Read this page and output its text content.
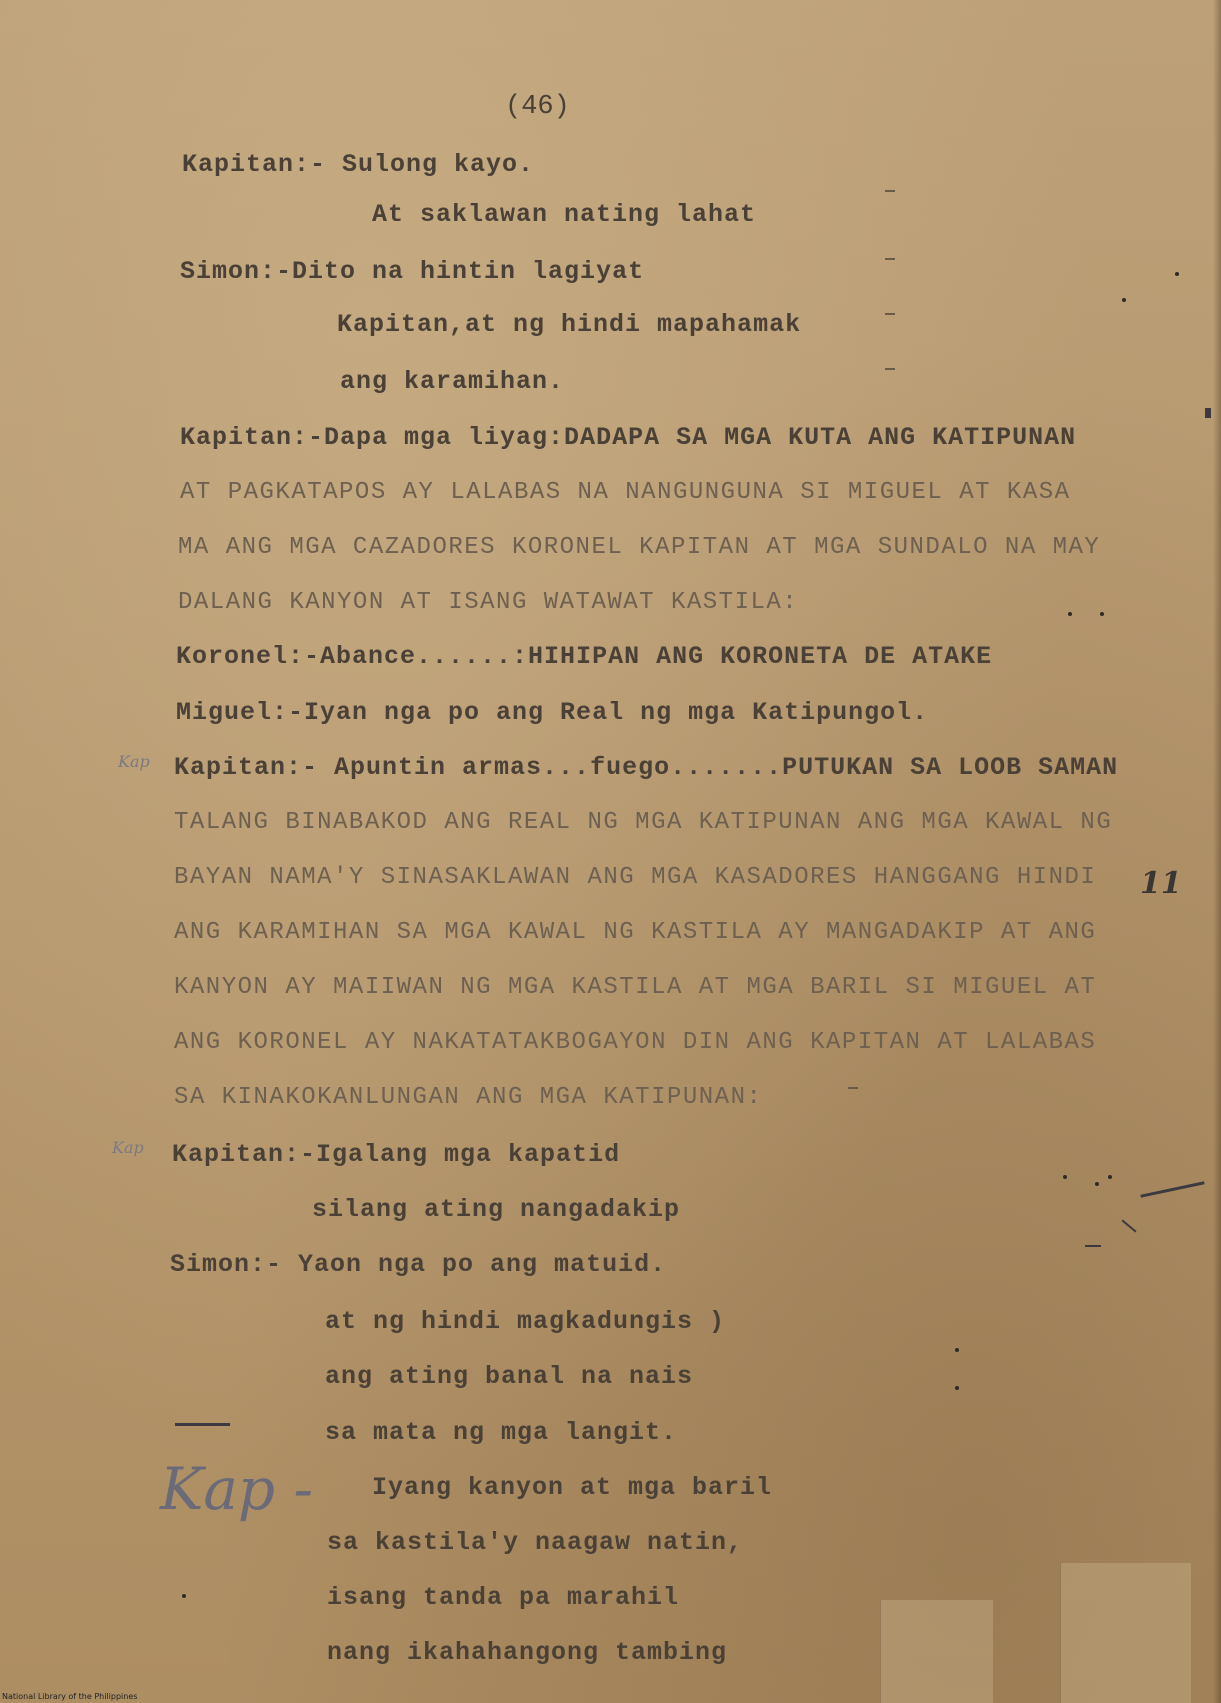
(46)

Kapitan:- Sulong kayo.

At saklawan nating lahat

Simon:-Dito na hintin lagiyat

Kapitan,at ng hindi mapahamak

ang karamihan.

Kapitan:-Dapa mga liyag:DADAPA SA MGA KUTA ANG KATIPUNAN

AT PAGKATAPOS AY LALABAS NA NANGUNGUNA SI MIGUEL AT KASA

MA ANG MGA CAZADORES KORONEL KAPITAN AT MGA SUNDALO NA MAY

DALANG KANYON AT ISANG WATAWAT KASTILA:

Koronel:-Abance......:HIHIPAN ANG KORONETA DE ATAKE

Miguel:-Iyan nga po ang Real ng mga Katipungol.

Kapitan:- Apuntin armas...fuego.......PUTUKAN SA LOOB SAMAN

TALANG BINABAKOD ANG REAL NG MGA KATIPUNAN ANG MGA KAWAL NG

BAYAN NAMA'Y SINASAKLAWAN ANG MGA KASADORES HANGGANG HINDI

ANG KARAMIHAN SA MGA KAWAL NG KASTILA AY MANGADAKIP AT ANG

KANYON AY MAIIWAN NG MGA KASTILA AT MGA BARIL SI MIGUEL AT

ANG KORONEL AY NAKATATAKBOGAYON DIN ANG KAPITAN AT LALABAS

SA KINAKOKANLUNGAN ANG MGA KATIPUNAN:

Kapitan:-Igalang mga kapatid

silang ating nangadakip

Simon:- Yaon nga po ang matuid.

at ng hindi magkadungis )

ang ating banal na nais

sa mata ng mga langit.

Iyang kanyon at mga baril

sa kastila'y naagaw natin,

isang tanda pa marahil

nang ikahahangong tambing

Kap

Kap

Kap -

11

National Library of the Philippines
